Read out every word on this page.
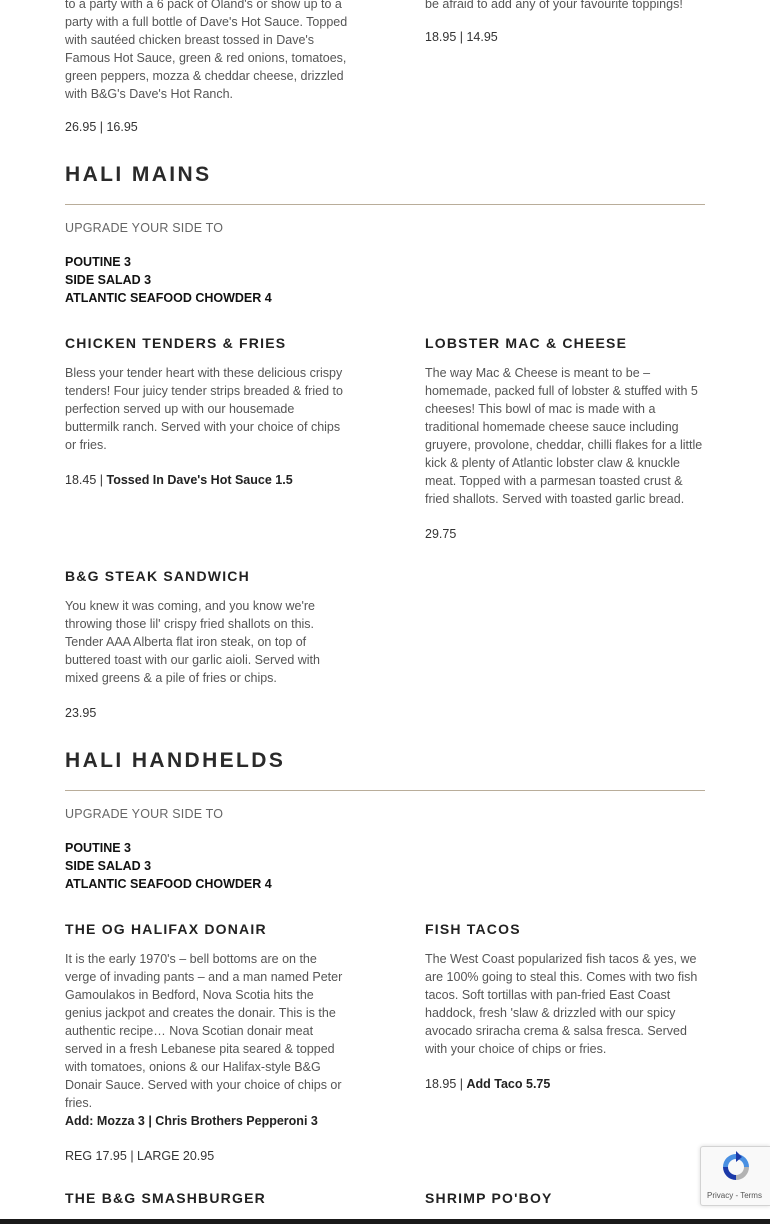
to a party with a 6 pack of Oland's or show up to a party with a full bottle of Dave's Hot Sauce. Topped with sautéed chicken breast tossed in Dave's Famous Hot Sauce, green & red onions, tomatoes, green peppers, mozza & cheddar cheese, drizzled with B&G's Dave's Hot Ranch.
26.95 | 16.95
be afraid to add any of your favourite toppings!
18.95 | 14.95
HALI MAINS
UPGRADE YOUR SIDE TO
POUTINE 3
SIDE SALAD 3
ATLANTIC SEAFOOD CHOWDER 4
CHICKEN TENDERS & FRIES
Bless your tender heart with these delicious crispy tenders! Four juicy tender strips breaded & fried to perfection served up with our housemade buttermilk ranch. Served with your choice of chips or fries.
18.45 | Tossed In Dave's Hot Sauce 1.5
LOBSTER MAC & CHEESE
The way Mac & Cheese is meant to be – homemade, packed full of lobster & stuffed with 5 cheeses! This bowl of mac is made with a traditional homemade cheese sauce including gruyere, provolone, cheddar, chilli flakes for a little kick & plenty of Atlantic lobster claw & knuckle meat. Topped with a parmesan toasted crust & fried shallots. Served with toasted garlic bread.
29.75
B&G STEAK SANDWICH
You knew it was coming, and you know we're throwing those lil' crispy fried shallots on this. Tender AAA Alberta flat iron steak, on top of buttered toast with our garlic aioli. Served with mixed greens & a pile of fries or chips.
23.95
HALI HANDHELDS
UPGRADE YOUR SIDE TO
POUTINE 3
SIDE SALAD 3
ATLANTIC SEAFOOD CHOWDER 4
THE OG HALIFAX DONAIR
It is the early 1970's – bell bottoms are on the verge of invading pants – and a man named Peter Gamoulakos in Bedford, Nova Scotia hits the genius jackpot and creates the donair. This is the authentic recipe… Nova Scotian donair meat served in a fresh Lebanese pita seared & topped with tomatoes, onions & our Halifax-style B&G Donair Sauce. Served with your choice of chips or fries.
Add: Mozza 3 | Chris Brothers Pepperoni 3
REG 17.95 | LARGE 20.95
FISH TACOS
The West Coast popularized fish tacos & yes, we are 100% going to steal this. Comes with two fish tacos. Soft tortillas with pan-fried East Coast haddock, fresh 'slaw & drizzled with our spicy avocado sriracha crema & salsa fresca. Served with your choice of chips or fries.
18.95 | Add Taco 5.75
THE B&G SMASHBURGER	SHRIMP PO'BOY	Privacy - Terms
